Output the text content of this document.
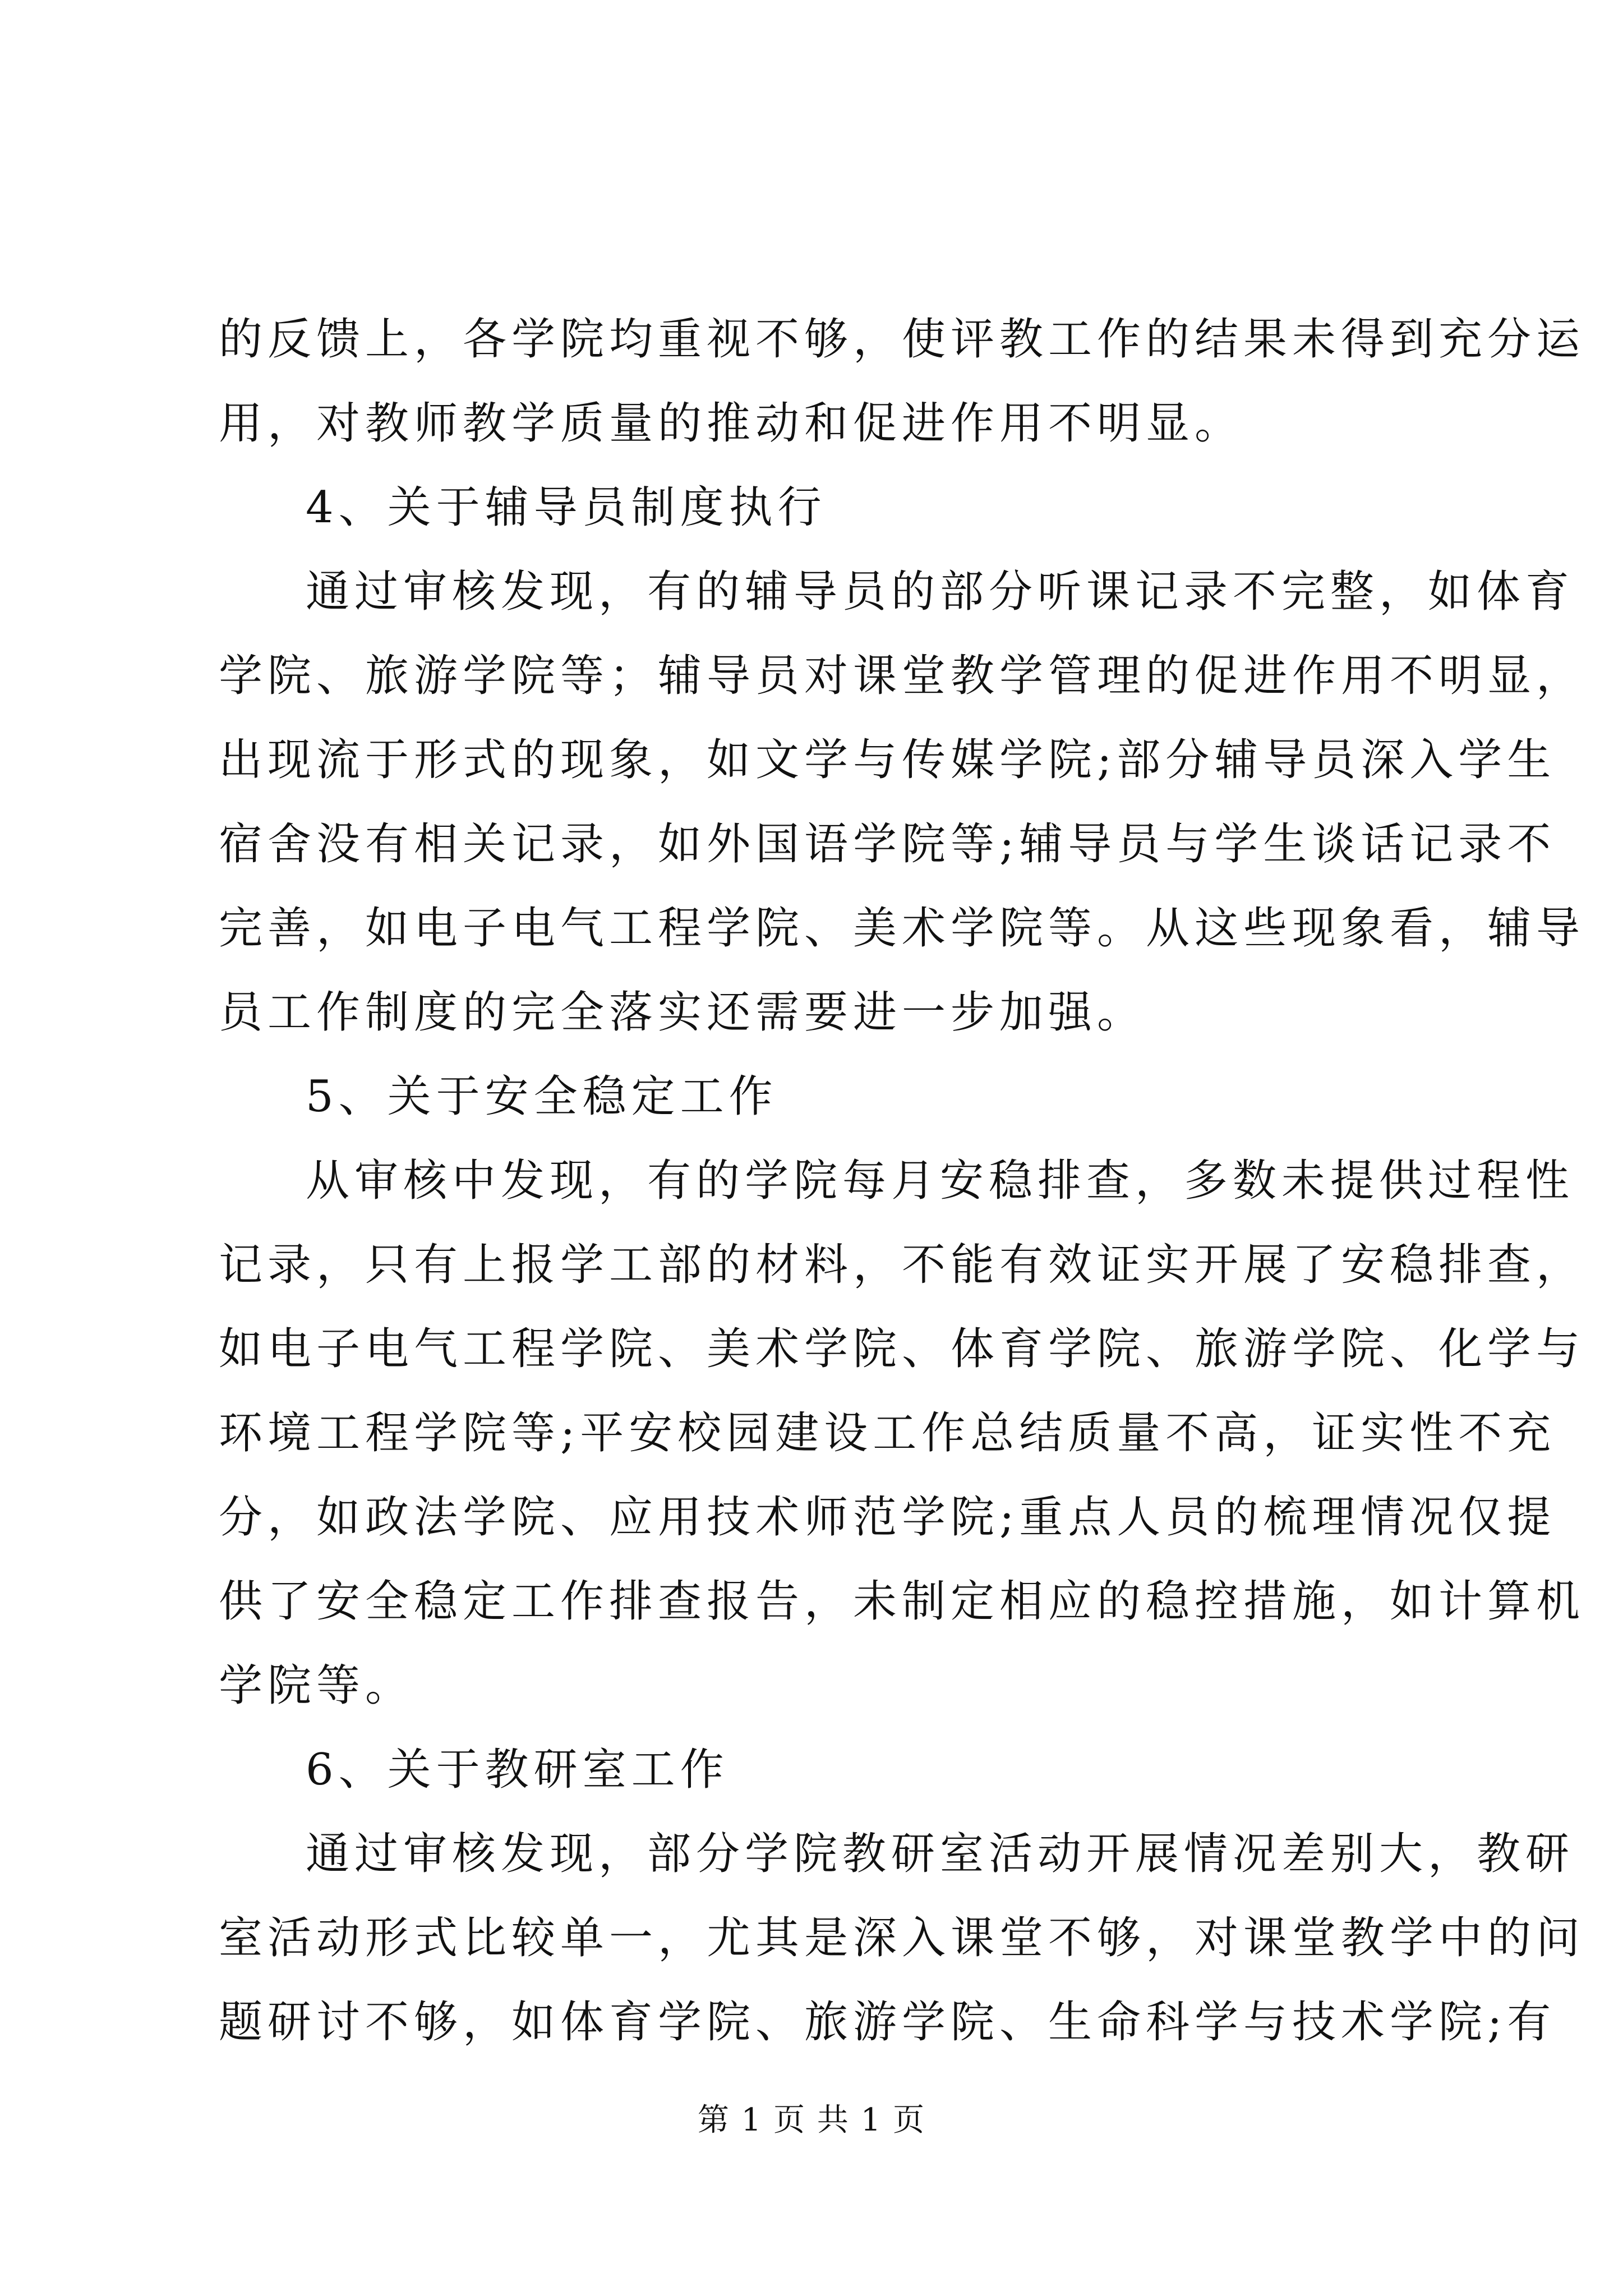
的反馈上，各学院均重视不够，使评教工作的结果未得到充分运
用，对教师教学质量的推动和促进作用不明显。
4、关于辅导员制度执行
通过审核发现，有的辅导员的部分听课记录不完整，如体育
学院、旅游学院等；辅导员对课堂教学管理的促进作用不明显，
出现流于形式的现象，如文学与传媒学院;部分辅导员深入学生
宿舍没有相关记录，如外国语学院等;辅导员与学生谈话记录不
完善，如电子电气工程学院、美术学院等。从这些现象看，辅导
员工作制度的完全落实还需要进一步加强。
5、关于安全稳定工作
从审核中发现，有的学院每月安稳排查，多数未提供过程性
记录，只有上报学工部的材料，不能有效证实开展了安稳排查，
如电子电气工程学院、美术学院、体育学院、旅游学院、化学与
环境工程学院等;平安校园建设工作总结质量不高，证实性不充
分，如政法学院、应用技术师范学院;重点人员的梳理情况仅提
供了安全稳定工作排查报告，未制定相应的稳控措施，如计算机
学院等。
6、关于教研室工作
通过审核发现，部分学院教研室活动开展情况差别大，教研
室活动形式比较单一，尤其是深入课堂不够，对课堂教学中的问
题研讨不够，如体育学院、旅游学院、生命科学与技术学院;有
第 1 页 共 1 页
